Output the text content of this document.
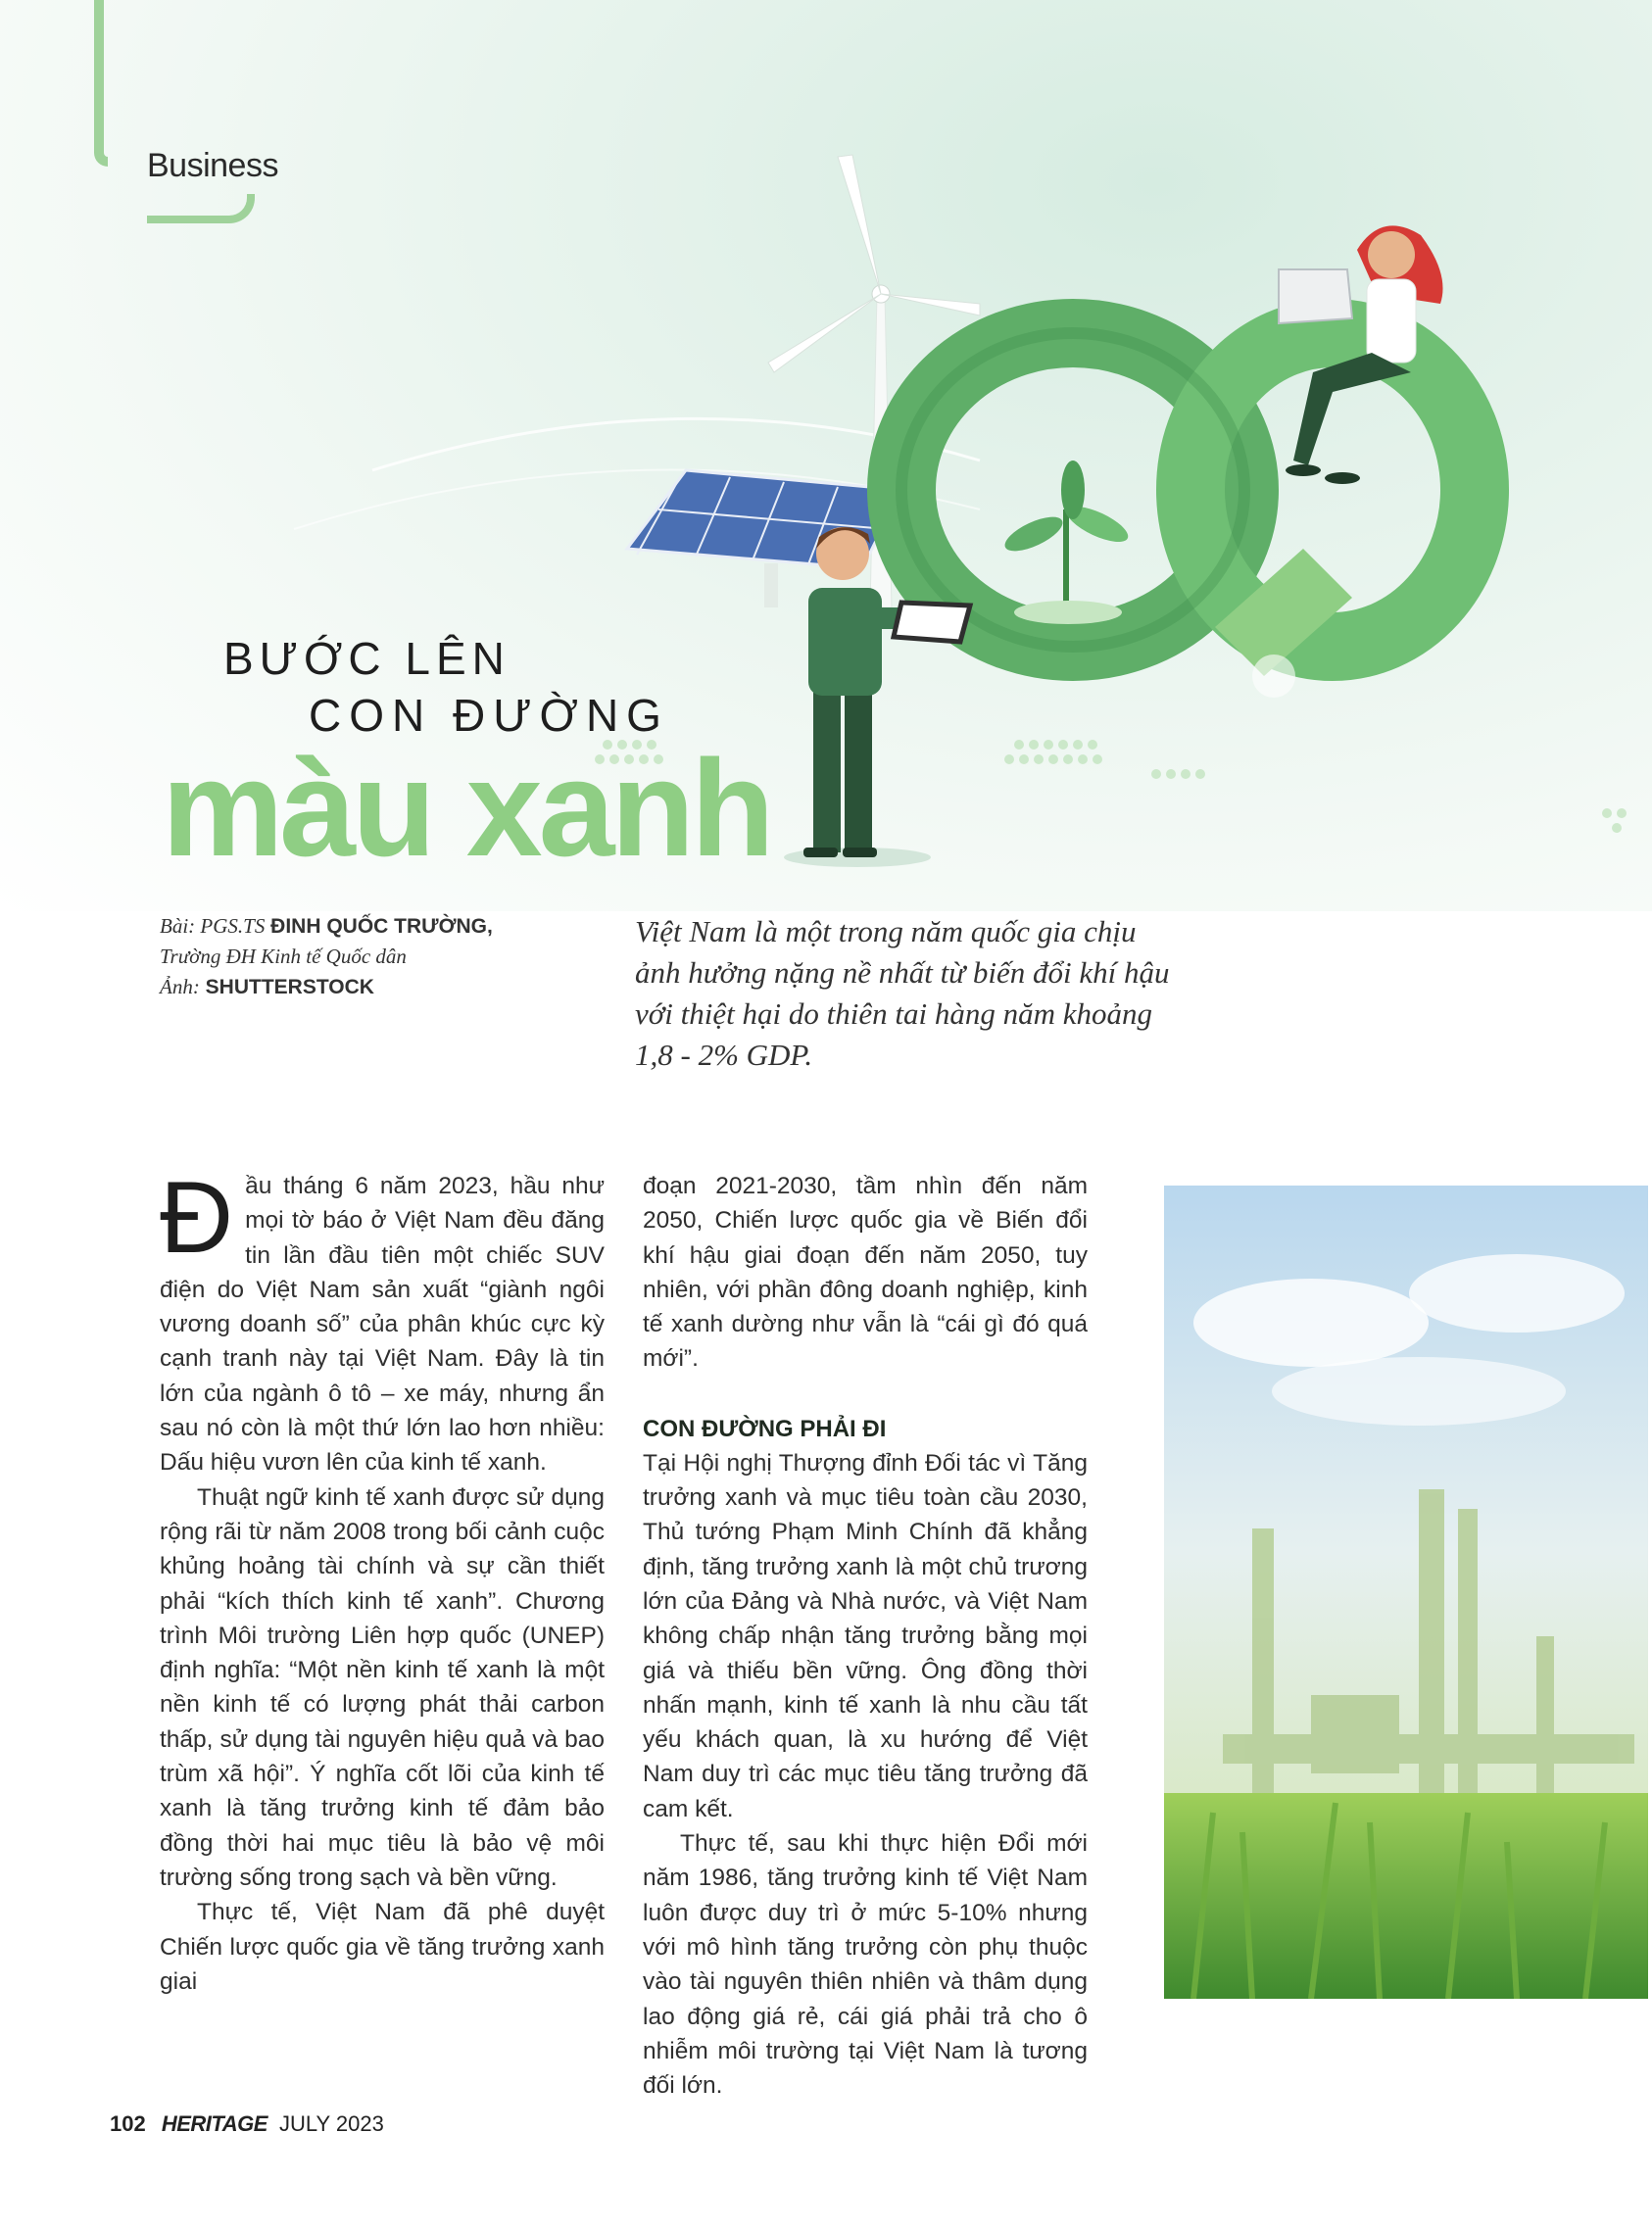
Business
BƯỚC LÊN
CON ĐƯỜNG
màu xanh
Bài: PGS.TS ĐINH QUỐC TRƯỜNG,
Trường ĐH Kinh tế Quốc dân
Ảnh: SHUTTERSTOCK
Việt Nam là một trong năm quốc gia chịu ảnh hưởng nặng nề nhất từ biến đổi khí hậu với thiệt hại do thiên tai hàng năm khoảng 1,8 - 2% GDP.
Đ ầu tháng 6 năm 2023, hầu như mọi tờ báo ở Việt Nam đều đăng tin lần đầu tiên một chiếc SUV điện do Việt Nam sản xuất “giành ngôi vương doanh số” của phân khúc cực kỳ cạnh tranh này tại Việt Nam. Đây là tin lớn của ngành ô tô – xe máy, nhưng ẩn sau nó còn là một thứ lớn lao hơn nhiều: Dấu hiệu vươn lên của kinh tế xanh.

Thuật ngữ kinh tế xanh được sử dụng rộng rãi từ năm 2008 trong bối cảnh cuộc khủng hoảng tài chính và sự cần thiết phải “kích thích kinh tế xanh”. Chương trình Môi trường Liên hợp quốc (UNEP) định nghĩa: “Một nền kinh tế xanh là một nền kinh tế có lượng phát thải carbon thấp, sử dụng tài nguyên hiệu quả và bao trùm xã hội”. Ý nghĩa cốt lõi của kinh tế xanh là tăng trưởng kinh tế đảm bảo đồng thời hai mục tiêu là bảo vệ môi trường sống trong sạch và bền vững.

Thực tế, Việt Nam đã phê duyệt Chiến lược quốc gia về tăng trưởng xanh giai

đoạn 2021-2030, tầm nhìn đến năm 2050, Chiến lược quốc gia về Biến đổi khí hậu giai đoạn đến năm 2050, tuy nhiên, với phần đông doanh nghiệp, kinh tế xanh dường như vẫn là “cái gì đó quá mới”.

CON ĐƯỜNG PHẢI ĐI

Tại Hội nghị Thượng đỉnh Đối tác vì Tăng trưởng xanh và mục tiêu toàn cầu 2030, Thủ tướng Phạm Minh Chính đã khẳng định, tăng trưởng xanh là một chủ trương lớn của Đảng và Nhà nước, và Việt Nam không chấp nhận tăng trưởng bằng mọi giá và thiếu bền vững. Ông đồng thời nhấn mạnh, kinh tế xanh là nhu cầu tất yếu khách quan, là xu hướng để Việt Nam duy trì các mục tiêu tăng trưởng đã cam kết.

Thực tế, sau khi thực hiện Đổi mới năm 1986, tăng trưởng kinh tế Việt Nam luôn được duy trì ở mức 5-10% nhưng với mô hình tăng trưởng còn phụ thuộc vào tài nguyên thiên nhiên và thâm dụng lao động giá rẻ, cái giá phải trả cho ô nhiễm môi trường tại Việt Nam là tương đối lớn.

102 HERITAGE JULY 2023
